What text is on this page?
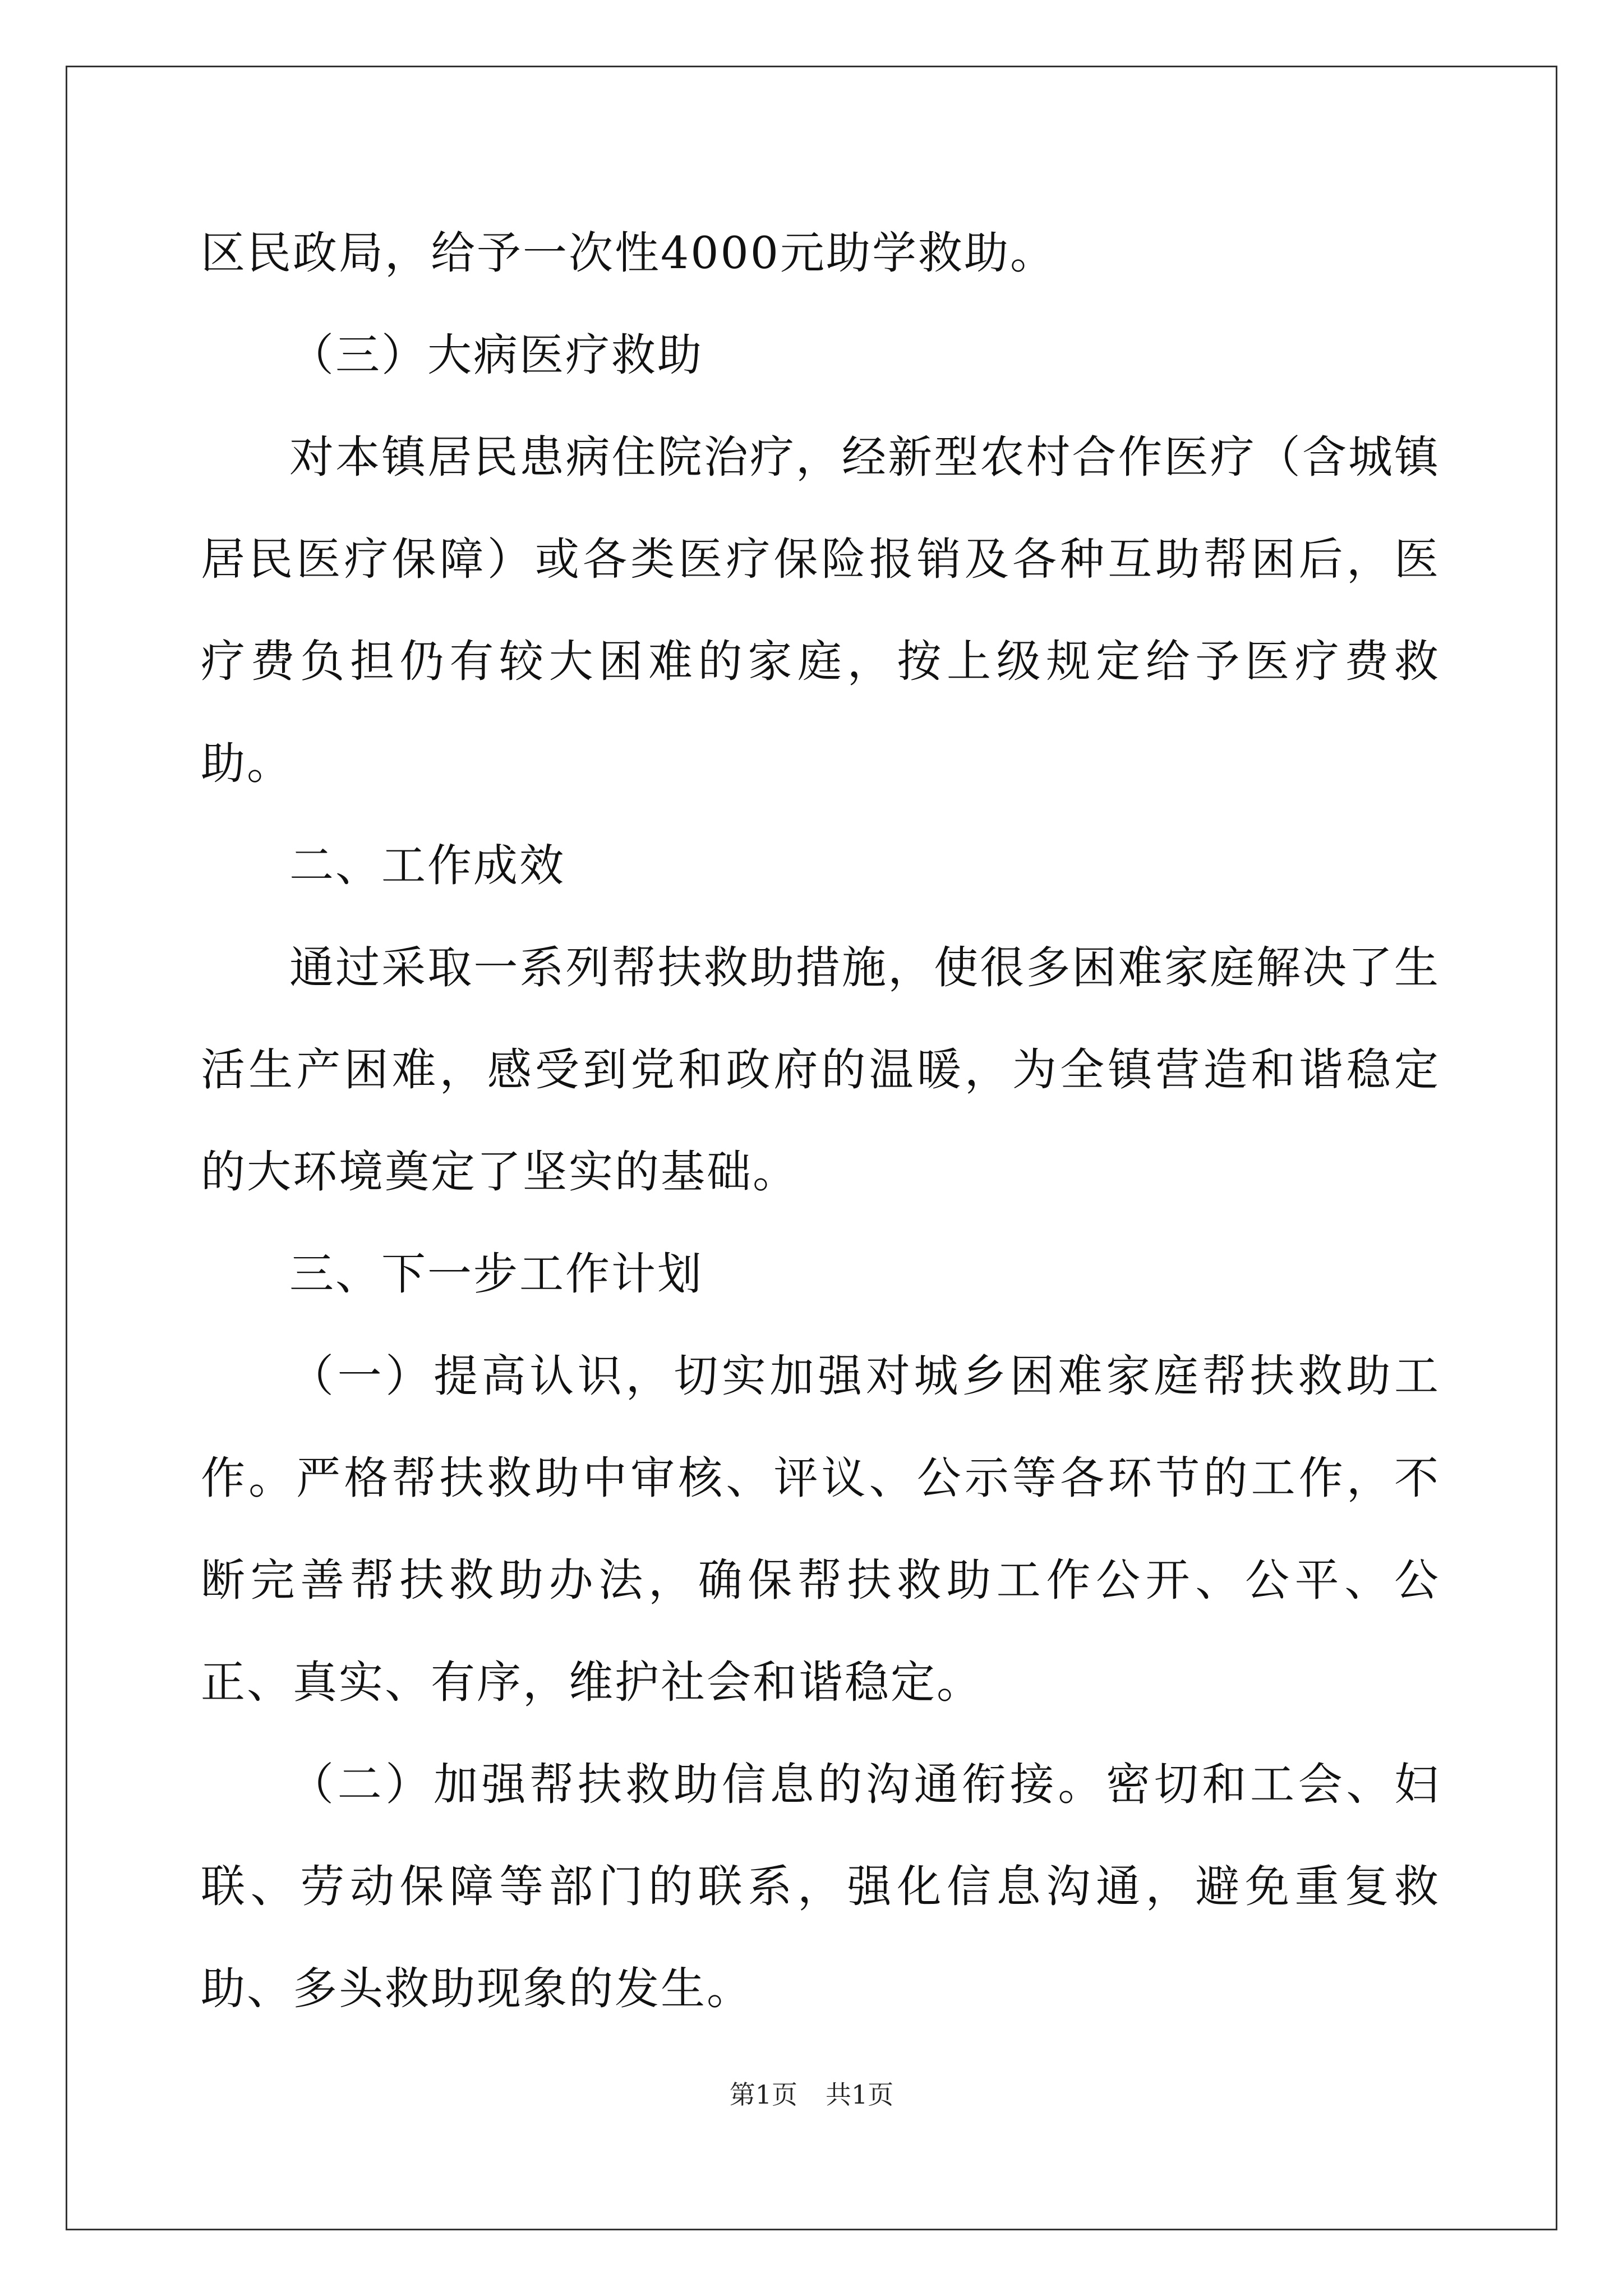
区民政局，给予一次性4000元助学救助。

（三）大病医疗救助

对本镇居民患病住院治疗，经新型农村合作医疗（含城镇居民医疗保障）或各类医疗保险报销及各种互助帮困后，医疗费负担仍有较大困难的家庭，按上级规定给予医疗费救助。

二、工作成效

通过采取一系列帮扶救助措施，使很多困难家庭解决了生活生产困难，感受到党和政府的温暖，为全镇营造和谐稳定的大环境奠定了坚实的基础。

三、下一步工作计划

（一）提高认识，切实加强对城乡困难家庭帮扶救助工作。严格帮扶救助中审核、评议、公示等各环节的工作，不断完善帮扶救助办法，确保帮扶救助工作公开、公平、公正、真实、有序，维护社会和谐稳定。

（二）加强帮扶救助信息的沟通衔接。密切和工会、妇联、劳动保障等部门的联系，强化信息沟通，避免重复救助、多头救助现象的发生。

第1页 共1页
